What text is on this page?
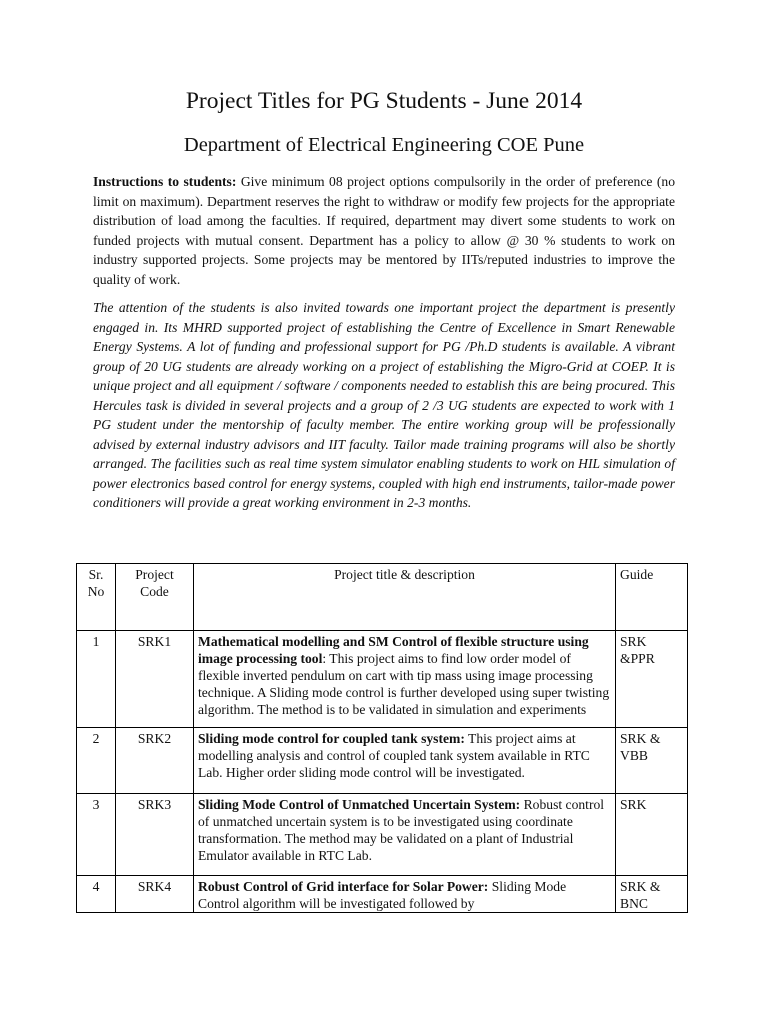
Project Titles for PG Students - June 2014
Department of Electrical Engineering COE Pune

Instructions to students: Give minimum 08 project options compulsorily in the order of preference (no limit on maximum). Department reserves the right to withdraw or modify few projects for the appropriate distribution of load among the faculties. If required, department may divert some students to work on funded projects with mutual consent. Department has a policy to allow @ 30 % students to work on industry supported projects. Some projects may be mentored by IITs/reputed industries to improve the quality of work.

The attention of the students is also invited towards one important project the department is presently engaged in. Its MHRD supported project of establishing the Centre of Excellence in Smart Renewable Energy Systems. A lot of funding and professional support for PG /Ph.D students is available. A vibrant group of 20 UG students are already working on a project of establishing the Migro-Grid at COEP. It is unique project and all equipment / software / components needed to establish this are being procured. This Hercules task is divided in several projects and a group of 2 /3 UG students are expected to work with 1 PG student under the mentorship of faculty member. The entire working group will be professionally advised by external industry advisors and IIT faculty. Tailor made training programs will also be shortly arranged. The facilities such as real time system simulator enabling students to work on HIL simulation of power electronics based control for energy systems, coupled with high end instruments, tailor-made power conditioners will provide a great working environment in 2-3 months.

Sr. No	Project Code	Project title & description	Guide
1	SRK1	Mathematical modelling and SM Control of flexible structure using image processing tool: This project aims to find low order model of flexible inverted pendulum on cart with tip mass using image processing technique. A Sliding mode control is further developed using super twisting algorithm. The method is to be validated in simulation and experiments	SRK &PPR
2	SRK2	Sliding mode control for coupled tank system: This project aims at modelling analysis and control of coupled tank system available in RTC Lab. Higher order sliding mode control will be investigated.	SRK & VBB
3	SRK3	Sliding Mode Control of Unmatched Uncertain System: Robust control of unmatched uncertain system is to be investigated using coordinate transformation. The method may be validated on a plant of Industrial Emulator available in RTC Lab.	SRK
4	SRK4	Robust Control of Grid interface for Solar Power: Sliding Mode Control algorithm will be investigated followed by	SRK & BNC
